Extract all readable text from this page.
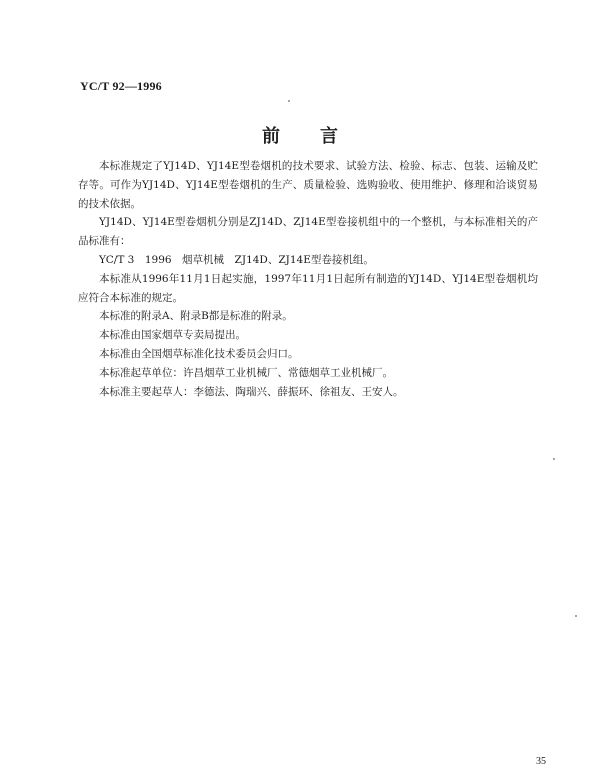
YC/T 92—1996
前 言

本标准规定了YJ14D、YJ14E型卷烟机的技术要求、试验方法、检验、标志、包装、运输及贮存等。可作为YJ14D、YJ14E型卷烟机的生产、质量检验、选购验收、使用维护、修理和洽谈贸易的技术依据。

YJ14D、YJ14E型卷烟机分别是ZJ14D、ZJ14E型卷接机组中的一个整机，与本标准相关的产品标准有：

YC/T 3　1996　烟草机械　ZJ14D、ZJ14E型卷接机组。

本标准从1996年11月1日起实施，1997年11月1日起所有制造的YJ14D、YJ14E型卷烟机均应符合本标准的规定。

本标准的附录A、附录B都是标准的附录。

本标准由国家烟草专卖局提出。

本标准由全国烟草标准化技术委员会归口。

本标准起草单位：许昌烟草工业机械厂、常德烟草工业机械厂。

本标准主要起草人：李德法、陶瑞兴、薛振环、徐祖友、王安人。

35
